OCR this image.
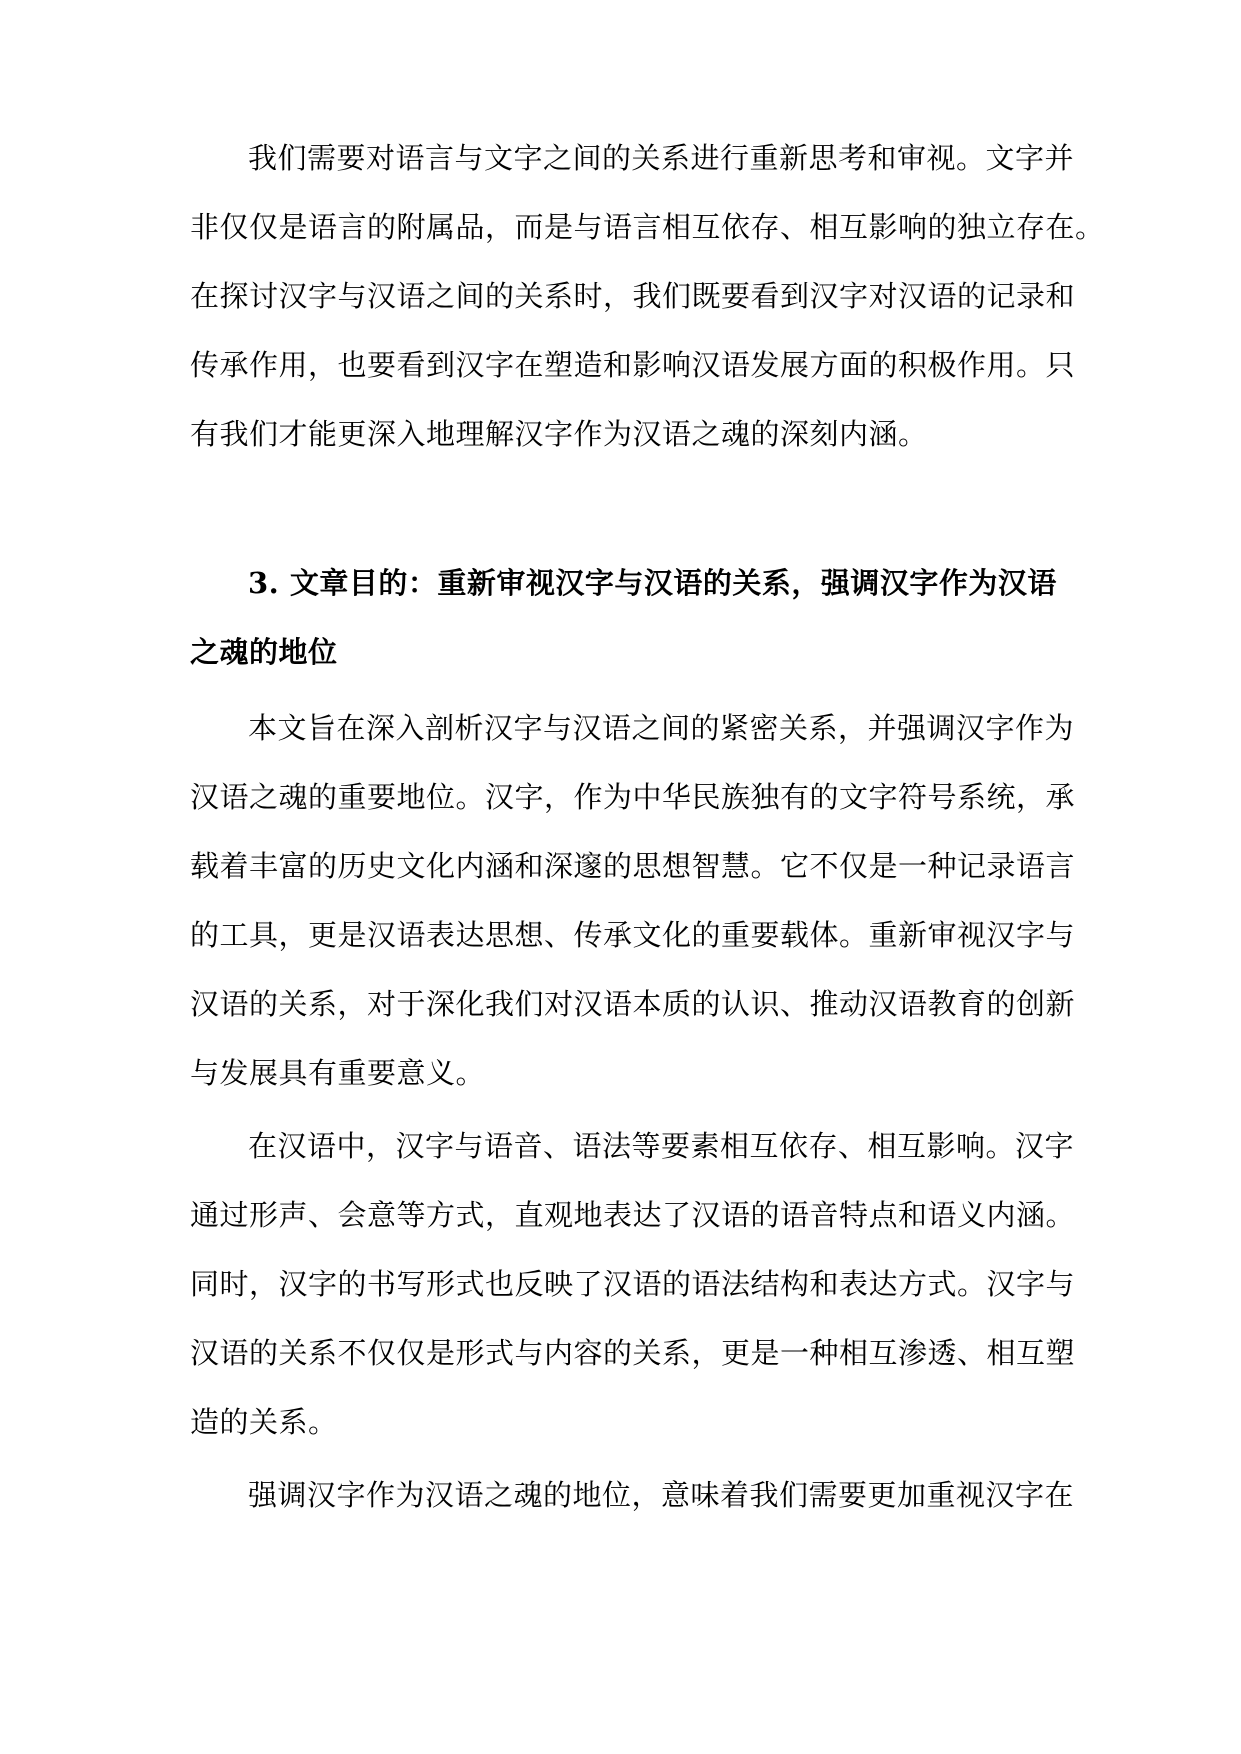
我们需要对语言与文字之间的关系进行重新思考和审视。文字并
非仅仅是语言的附属品，而是与语言相互依存、相互影响的独立存在。
在探讨汉字与汉语之间的关系时，我们既要看到汉字对汉语的记录和
传承作用，也要看到汉字在塑造和影响汉语发展方面的积极作用。只
有我们才能更深入地理解汉字作为汉语之魂的深刻内涵。
3. 文章目的：重新审视汉字与汉语的关系，强调汉字作为汉语
之魂的地位
本文旨在深入剖析汉字与汉语之间的紧密关系，并强调汉字作为
汉语之魂的重要地位。汉字，作为中华民族独有的文字符号系统，承
载着丰富的历史文化内涵和深邃的思想智慧。它不仅是一种记录语言
的工具，更是汉语表达思想、传承文化的重要载体。重新审视汉字与
汉语的关系，对于深化我们对汉语本质的认识、推动汉语教育的创新
与发展具有重要意义。
在汉语中，汉字与语音、语法等要素相互依存、相互影响。汉字
通过形声、会意等方式，直观地表达了汉语的语音特点和语义内涵。
同时，汉字的书写形式也反映了汉语的语法结构和表达方式。汉字与
汉语的关系不仅仅是形式与内容的关系，更是一种相互渗透、相互塑
造的关系。
强调汉字作为汉语之魂的地位，意味着我们需要更加重视汉字在
